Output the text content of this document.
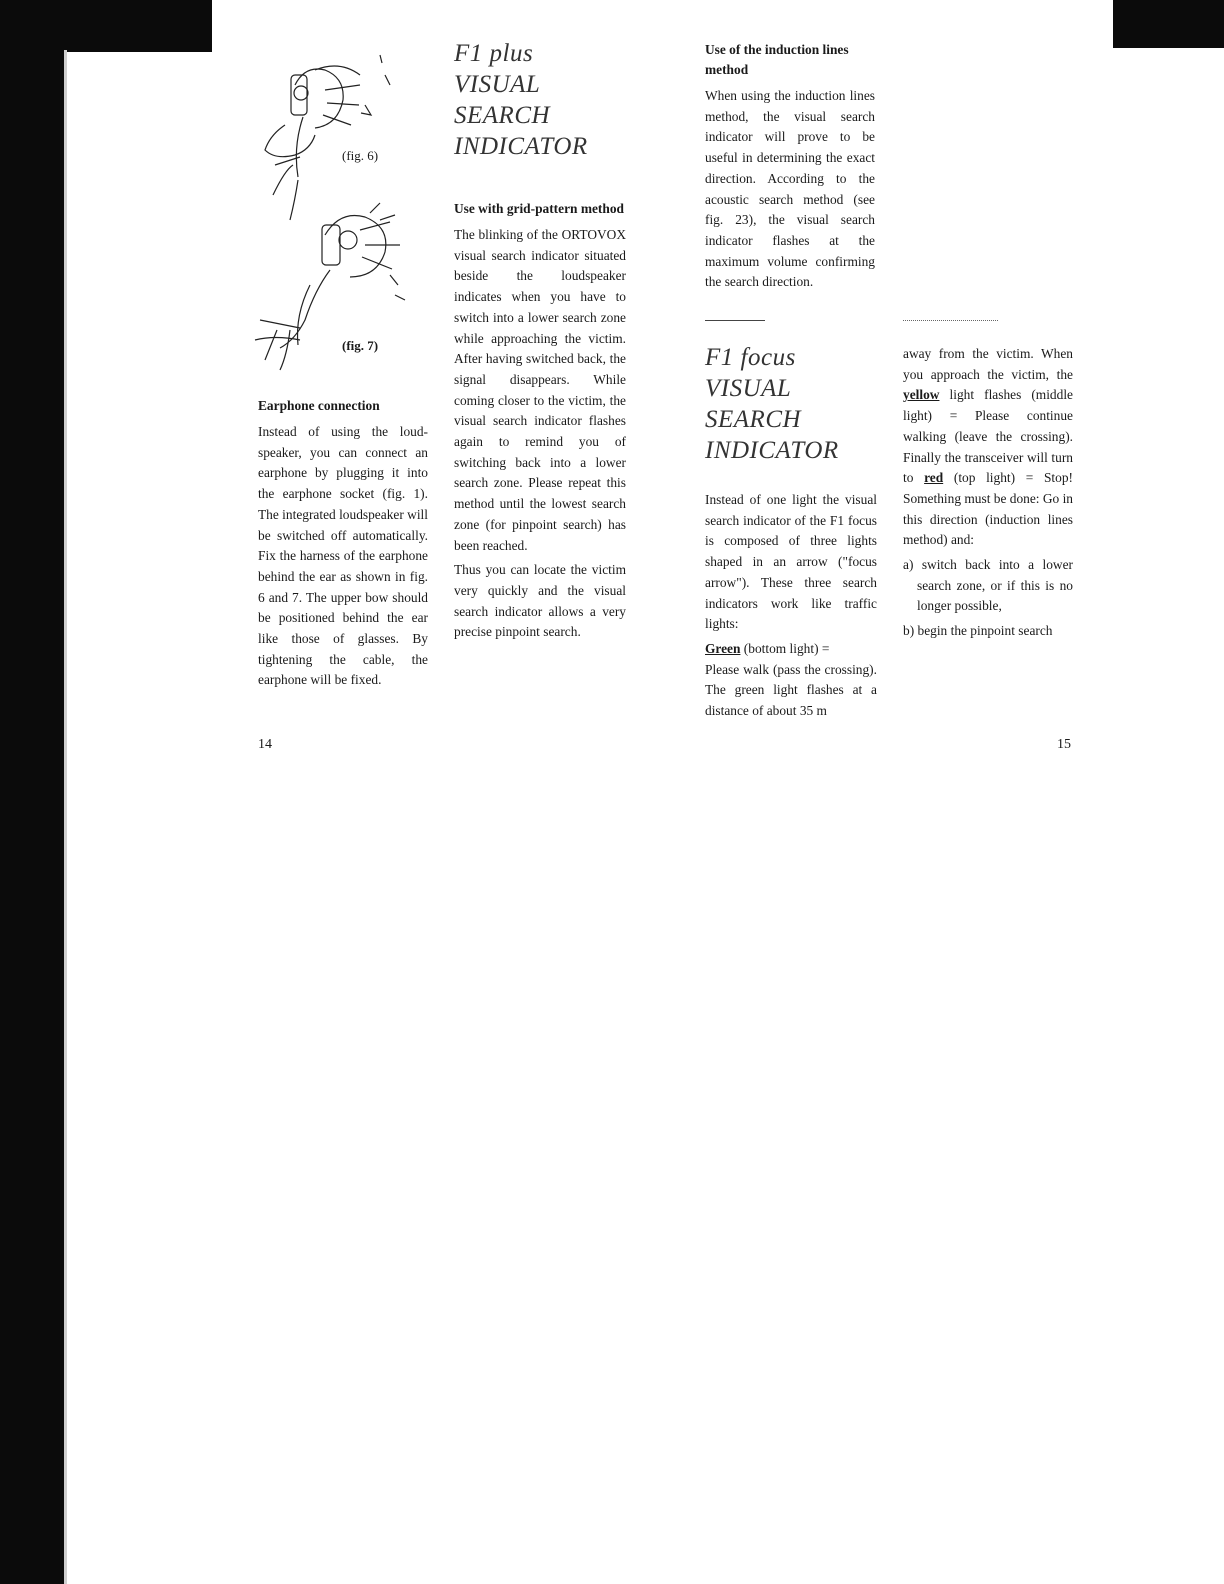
(fig. 6)
(fig. 7)
Earphone connection

Instead of using the loud-speaker, you can connect an earphone by plugging it into the earphone socket (fig. 1). The integrated loudspeaker will be switched off automatically. Fix the harness of the earphone behind the ear as shown in fig. 6 and 7. The upper bow should be positioned behind the ear like those of glasses. By tightening the cable, the earphone will be fixed.

F1 plus
VISUAL
SEARCH
INDICATOR
Use with grid-pattern method

The blinking of the ORTOVOX visual search indicator situated beside the loudspeaker indicates when you have to switch into a lower search zone while approaching the victim. After having switched back, the signal disappears. While coming closer to the victim, the visual search indicator flashes again to remind you of switching back into a lower search zone. Please repeat this method until the lowest search zone (for pinpoint search) has been reached.

Thus you can locate the victim very quickly and the visual search indicator allows a very precise pinpoint search.

Use of the induction lines method

When using the induction lines method, the visual search indicator will prove to be useful in determining the exact direction. According to the acoustic search method (see fig. 23), the visual search indicator flashes at the maximum volume confirming the search direction.

F1 focus
VISUAL
SEARCH
INDICATOR

Instead of one light the visual search indicator of the F1 focus is composed of three lights shaped in an arrow ("focus arrow"). These three search indicators work like traffic lights:

Green (bottom light) =

Please walk (pass the crossing). The green light flashes at a distance of about 35 m

away from the victim. When you approach the victim, the yellow light flashes (middle light) = Please continue walking (leave the crossing). Finally the transceiver will turn to red (top light) = Stop! Something must be done: Go in this direction (induction lines method) and:

a) switch back into a lower search zone, or if this is no longer possible,

b) begin the pinpoint search

14	15
